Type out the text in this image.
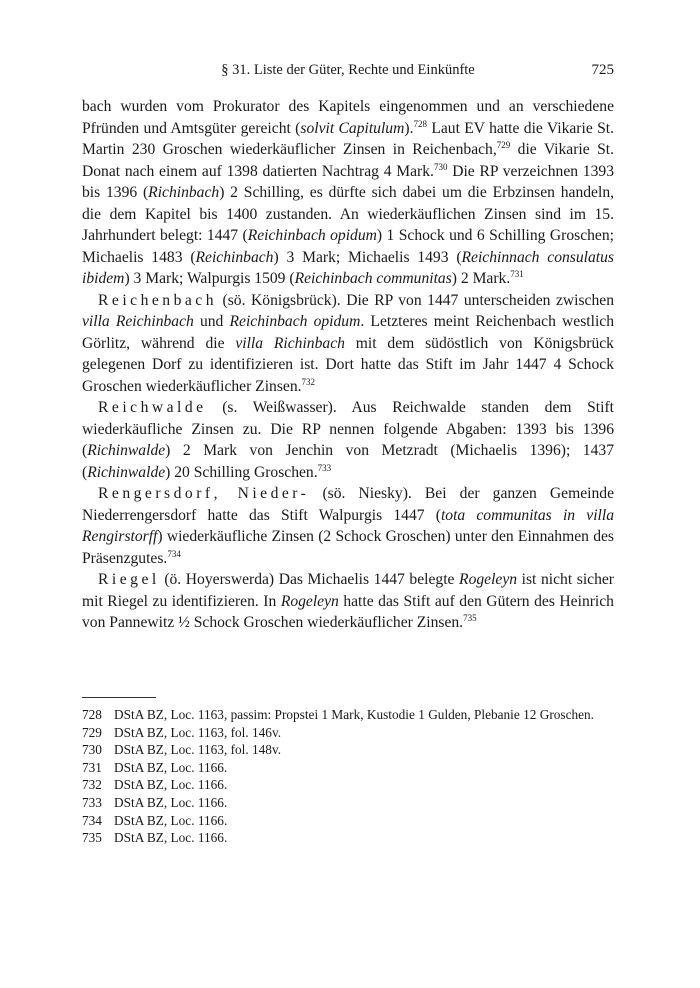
§ 31. Liste der Güter, Rechte und Einkünfte	725

bach wurden vom Prokurator des Kapitels eingenommen und an verschiedene Pfründen und Amtsgüter gereicht (solvit Capitulum).$^{728}$ Laut EV hatte die Vikarie St. Martin 230 Groschen wiederkäuflicher Zinsen in Reichenbach,$^{729}$ die Vikarie St. Donat nach einem auf 1398 datierten Nachtrag 4 Mark.$^{730}$ Die RP verzeichnen 1393 bis 1396 (Richinbach) 2 Schilling, es dürfte sich dabei um die Erbzinsen handeln, die dem Kapitel bis 1400 zustanden. An wiederkäuflichen Zinsen sind im 15. Jahrhundert belegt: 1447 (Reichinbach opidum) 1 Schock und 6 Schilling Groschen; Michaelis 1483 (Reichinbach) 3 Mark; Michaelis 1493 (Reichinnach consulatus ibidem) 3 Mark; Walpurgis 1509 (Reichinbach communitas) 2 Mark.$^{731}$

Reichenbach (sö. Königsbrück). Die RP von 1447 unterscheiden zwischen villa Reichinbach und Reichinbach opidum. Letzteres meint Reichenbach westlich Görlitz, während die villa Richinbach mit dem südöstlich von Königsbrück gelegenen Dorf zu identifizieren ist. Dort hatte das Stift im Jahr 1447 4 Schock Groschen wiederkäuflicher Zinsen.$^{732}$

Reichwalde (s. Weißwasser). Aus Reichwalde standen dem Stift wiederkäufliche Zinsen zu. Die RP nennen folgende Abgaben: 1393 bis 1396 (Richinwalde) 2 Mark von Jenchin von Metzradt (Michaelis 1396); 1437 (Richinwalde) 20 Schilling Groschen.$^{733}$

Rengersdorf, Nieder- (sö. Niesky). Bei der ganzen Gemeinde Niederrengersdorf hatte das Stift Walpurgis 1447 (tota communitas in villa Rengirstorff) wiederkäufliche Zinsen (2 Schock Groschen) unter den Einnahmen des Präsenzgutes.$^{734}$

Riegel (ö. Hoyerswerda) Das Michaelis 1447 belegte Rogeleyn ist nicht sicher mit Riegel zu identifizieren. In Rogeleyn hatte das Stift auf den Gütern des Heinrich von Pannewitz ½ Schock Groschen wiederkäuflicher Zinsen.$^{735}$

728 DStA BZ, Loc. 1163, passim: Propstei 1 Mark, Kustodie 1 Gulden, Plebanie 12 Groschen.
729 DStA BZ, Loc. 1163, fol. 146v.
730 DStA BZ, Loc. 1163, fol. 148v.
731 DStA BZ, Loc. 1166.
732 DStA BZ, Loc. 1166.
733 DStA BZ, Loc. 1166.
734 DStA BZ, Loc. 1166.
735 DStA BZ, Loc. 1166.
